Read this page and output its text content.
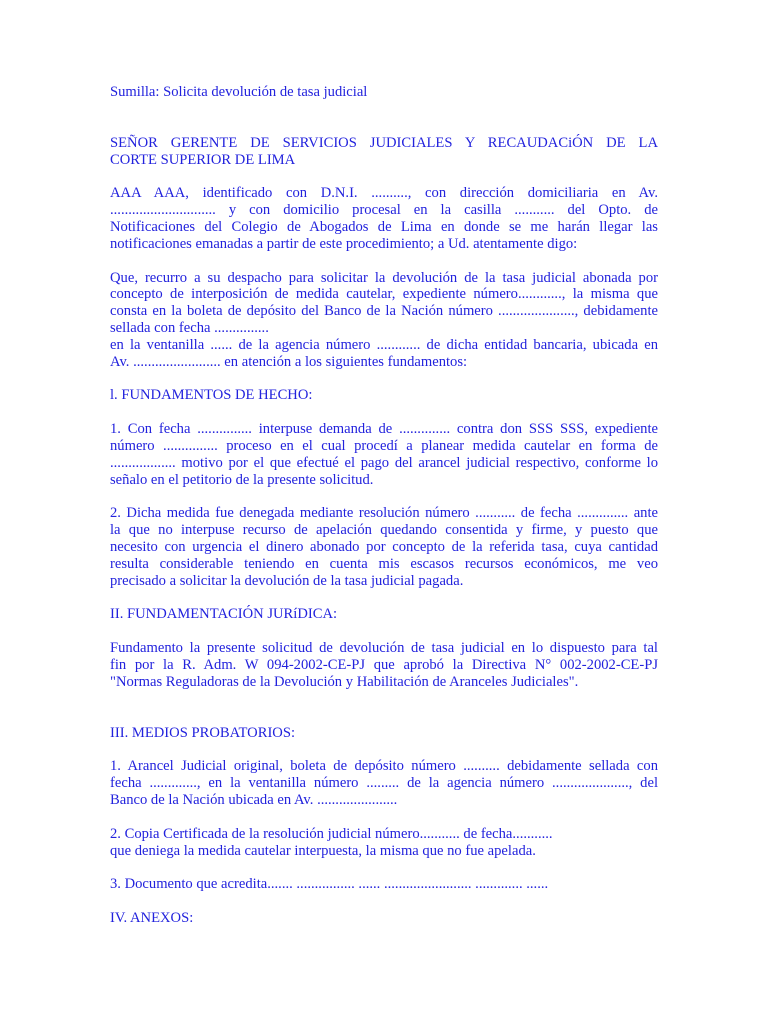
Sumilla: Solicita devolución de tasa judicial

SEÑOR GERENTE DE SERVICIOS JUDICIALES Y RECAUDACiÓN DE LA
CORTE SUPERIOR DE LIMA
AAA AAA, identificado con D.N.I. .........., con dirección domiciliaria en Av.
............................. y con domicilio procesal en la casilla ........... del Opto. de
Notificaciones del Colegio de Abogados de Lima en donde se me harán llegar las
notificaciones emanadas a partir de este procedimiento; a Ud. atentamente digo:
Que, recurro a su despacho para solicitar la devolución de la tasa judicial abonada por
concepto de interposición de medida cautelar, expediente número............, la misma que
consta en la boleta de depósito del Banco de la Nación número ....................., debidamente
sellada con fecha ...............
en la ventanilla ...... de la agencia número ............ de dicha entidad bancaria, ubicada en
Av. ........................ en atención a los siguientes fundamentos:

l. FUNDAMENTOS DE HECHO:

1. Con fecha ............... interpuse demanda de .............. contra don SSS SSS, expediente
número ............... proceso en el cual procedí a planear medida cautelar en forma de
.................. motivo por el que efectué el pago del arancel judicial respectivo, conforme lo
señalo en el petitorio de la presente solicitud.
2. Dicha medida fue denegada mediante resolución número ........... de fecha .............. ante
la que no interpuse recurso de apelación quedando consentida y firme, y puesto que
necesito con urgencia el dinero abonado por concepto de la referida tasa, cuya cantidad
resulta considerable teniendo en cuenta mis escasos recursos económicos, me veo
precisado a solicitar la devolución de la tasa judicial pagada.

II. FUNDAMENTACIÓN JURíDICA:

Fundamento la presente solicitud de devolución de tasa judicial en lo dispuesto para tal
fin por la R. Adm. W 094-2002-CE-PJ que aprobó la Directiva N° 002-2002-CE-PJ
"Normas Reguladoras de la Devolución y Habilitación de Aranceles Judiciales".

III. MEDIOS PROBATORIOS:

1. Arancel Judicial original, boleta de depósito número .......... debidamente sellada con
fecha ............., en la ventanilla número ......... de la agencia número ....................., del
Banco de la Nación ubicada en Av. ......................
2. Copia Certificada de la resolución judicial número........... de fecha...........
que deniega la medida cautelar interpuesta, la misma que no fue apelada.

3. Documento que acredita....... ................ ...... ........................ ............. ......

IV. ANEXOS:
